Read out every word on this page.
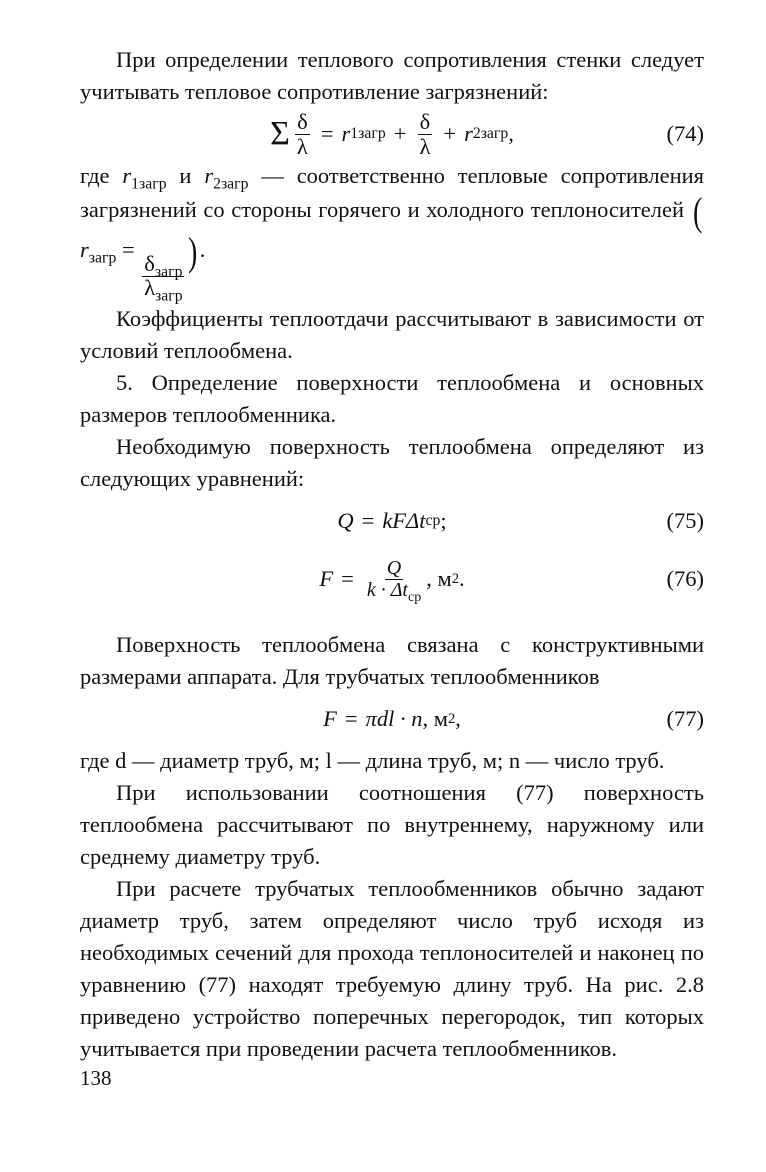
При определении теплового сопротивления стенки следует учитывать тепловое сопротивление загрязнений:

Σ $\frac{\delta}{\lambda} = r$ 1загр + $\frac{\delta}{\lambda} + r$ 2загр ,	(74)

где $r_{1загр}$ и $r_{2загр}$ — соответственно тепловые сопротивления загрязнений со стороны горячего и холодного теплоносителей ($r_{загр}$ =
$\frac{\delta_{загр}}{\lambda_{загр}}$
).

Коэффициенты теплоотдачи рассчитывают в зависимости от условий теплообмена.

5. Определение поверхности теплообмена и основных размеров теплообменника.

Необходимую поверхность теплообмена определяют из следующих уравнений:

Q = kFΔt ср ;	(75)
$F = \frac{Q}{k \cdot \Delta t_{ср}}$ ,
м 2 .	(76)

Поверхность теплообмена связана с конструктивными размерами аппарата. Для трубчатых теплообменников

F = πdl · n ,
м 2 ,	(77)

где d — диаметр труб, м; l — длина труб, м; n — число труб.

При использовании соотношения (77) поверхность теплообмена рассчитывают по внутреннему, наружному или среднему диаметру труб.

При расчете трубчатых теплообменников обычно задают диаметр труб, затем определяют число труб исходя из необходимых сечений для прохода теплоносителей и наконец по уравнению (77) находят требуемую длину труб. На рис. 2.8 приведено устройство поперечных перегородок, тип которых учитывается при проведении расчета теплообменников.

138
